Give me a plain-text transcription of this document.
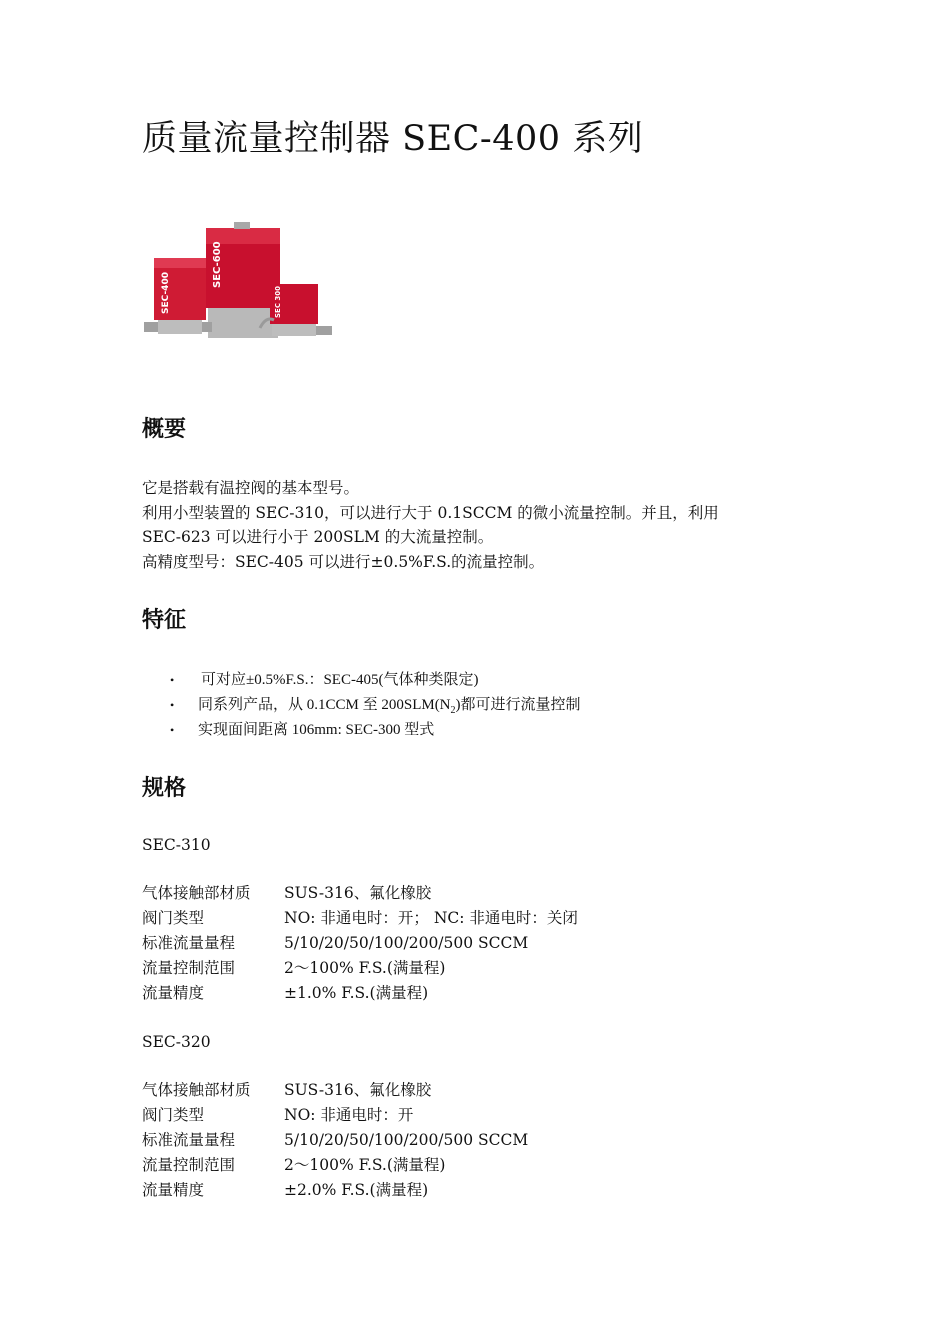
质量流量控制器 SEC-400 系列
SEC-600
SEC-400	SEC 300
概要
它是搭载有温控阀的基本型号。
利用小型装置的 SEC-310，可以进行大于 0.1SCCM 的微小流量控制。并且，利用
SEC-623 可以进行小于 200SLM 的大流量控制。
高精度型号：SEC-405 可以进行±0.5%F.S.的流量控制。
特征
• 可对应±0.5%F.S.：SEC-405(气体种类限定)
• 同系列产品，从 0.1CCM 至 $200SLM(N_2)$都可进行流量控制
• 实现面间距离 106mm: SEC-300 型式
规格
SEC-310
气体接触部材质	SUS-316、氟化橡胶
阀门类型	NO: 非通电时：开； NC: 非通电时：关闭
标准流量量程	5/10/20/50/100/200/500 SCCM
流量控制范围	2～100% F.S.(满量程)
流量精度	±1.0% F.S.(满量程)
SEC-320
气体接触部材质	SUS-316、氟化橡胶
阀门类型	NO: 非通电时：开
标准流量量程	5/10/20/50/100/200/500 SCCM
流量控制范围	2～100% F.S.(满量程)
流量精度	±2.0% F.S.(满量程)
